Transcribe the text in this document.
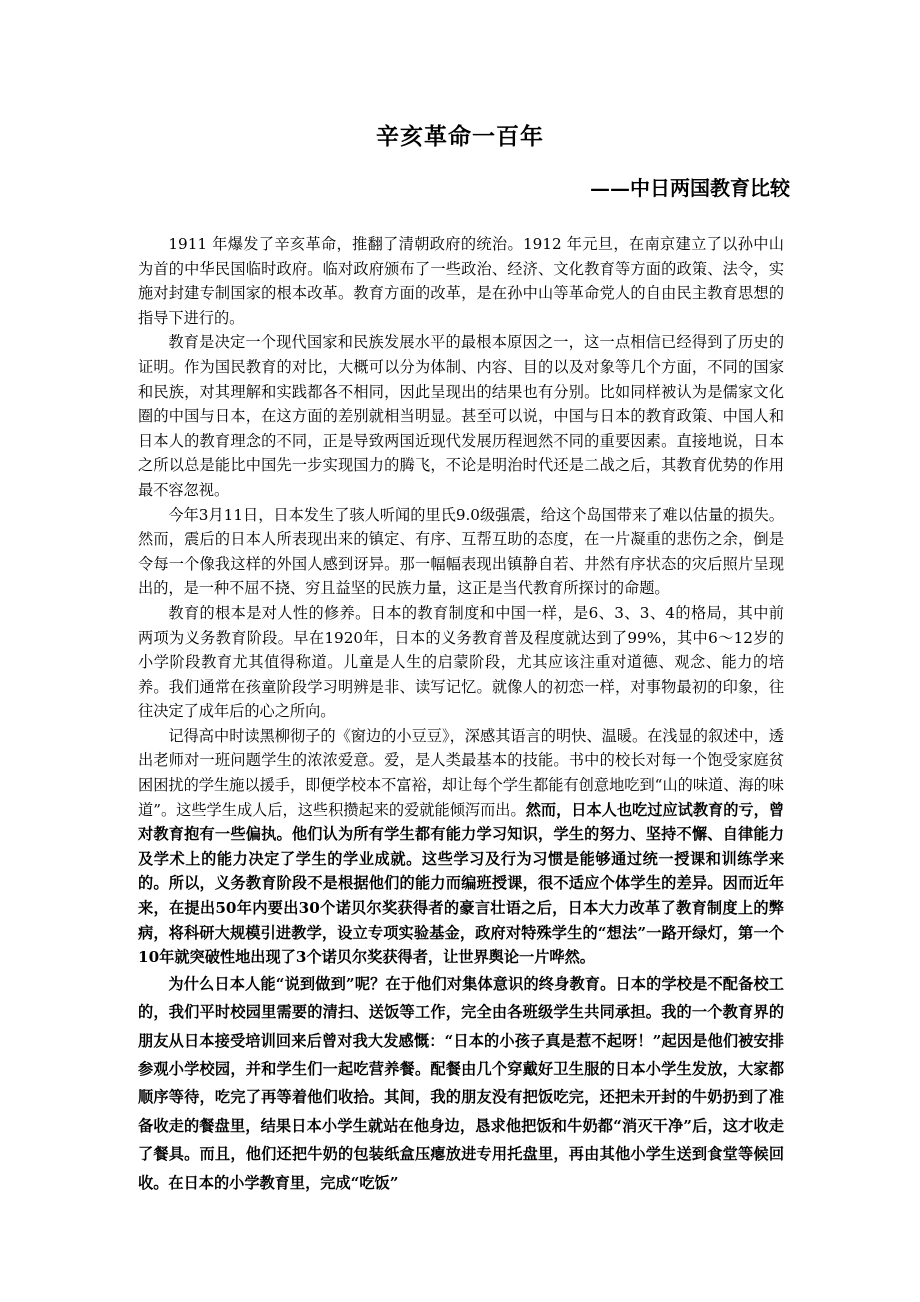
辛亥革命一百年
——中日两国教育比较

1911 年爆发了辛亥革命，推翻了清朝政府的统治。1912 年元旦，在南京建立了以孙中山为首的中华民国临时政府。临对政府颁布了一些政治、经济、文化教育等方面的政策、法令，实施对封建专制国家的根本改革。教育方面的改革，是在孙中山等革命党人的自由民主教育思想的指导下进行的。

教育是决定一个现代国家和民族发展水平的最根本原因之一，这一点相信已经得到了历史的证明。作为国民教育的对比，大概可以分为体制、内容、目的以及对象等几个方面，不同的国家和民族，对其理解和实践都各不相同，因此呈现出的结果也有分别。比如同样被认为是儒家文化圈的中国与日本，在这方面的差别就相当明显。甚至可以说，中国与日本的教育政策、中国人和日本人的教育理念的不同，正是导致两国近现代发展历程迥然不同的重要因素。直接地说，日本之所以总是能比中国先一步实现国力的腾飞，不论是明治时代还是二战之后，其教育优势的作用最不容忽视。

今年3月11日，日本发生了骇人听闻的里氏9.0级强震，给这个岛国带来了难以估量的损失。然而，震后的日本人所表现出来的镇定、有序、互帮互助的态度，在一片凝重的悲伤之余，倒是令每一个像我这样的外国人感到讶异。那一幅幅表现出镇静自若、井然有序状态的灾后照片呈现出的，是一种不屈不挠、穷且益坚的民族力量，这正是当代教育所探讨的命题。

教育的根本是对人性的修养。日本的教育制度和中国一样，是6、3、3、4的格局，其中前两项为义务教育阶段。早在1920年，日本的义务教育普及程度就达到了99%，其中6～12岁的小学阶段教育尤其值得称道。儿童是人生的启蒙阶段，尤其应该注重对道德、观念、能力的培养。我们通常在孩童阶段学习明辨是非、读写记忆。就像人的初恋一样，对事物最初的印象，往往决定了成年后的心之所向。

记得高中时读黑柳彻子的《窗边的小豆豆》，深感其语言的明快、温暖。在浅显的叙述中，透出老师对一班问题学生的浓浓爱意。爱，是人类最基本的技能。书中的校长对每一个饱受家庭贫困困扰的学生施以援手，即便学校本不富裕，却让每个学生都能有创意地吃到“山的味道、海的味道”。这些学生成人后，这些积攒起来的爱就能倾泻而出。然而，日本人也吃过应试教育的亏，曾对教育抱有一些偏执。他们认为所有学生都有能力学习知识，学生的努力、坚持不懈、自律能力及学术上的能力决定了学生的学业成就。这些学习及行为习惯是能够通过统一授课和训练学来的。所以，义务教育阶段不是根据他们的能力而编班授课，很不适应个体学生的差异。因而近年来，在提出50年内要出30个诺贝尔奖获得者的豪言壮语之后，日本大力改革了教育制度上的弊病，将科研大规模引进教学，设立专项实验基金，政府对特殊学生的“想法”一路开绿灯，第一个10年就突破性地出现了3个诺贝尔奖获得者，让世界舆论一片哗然。

为什么日本人能“说到做到”呢？在于他们对集体意识的终身教育。日本的学校是不配备校工的，我们平时校园里需要的清扫、送饭等工作，完全由各班级学生共同承担。我的一个教育界的朋友从日本接受培训回来后曾对我大发感慨：“日本的小孩子真是惹不起呀！”起因是他们被安排参观小学校园，并和学生们一起吃营养餐。配餐由几个穿戴好卫生服的日本小学生发放，大家都顺序等待，吃完了再等着他们收拾。其间，我的朋友没有把饭吃完，还把未开封的牛奶扔到了准备收走的餐盘里，结果日本小学生就站在他身边，恳求他把饭和牛奶都“消灭干净”后，这才收走了餐具。而且，他们还把牛奶的包装纸盒压瘪放进专用托盘里，再由其他小学生送到食堂等候回收。在日本的小学教育里，完成“吃饭”
